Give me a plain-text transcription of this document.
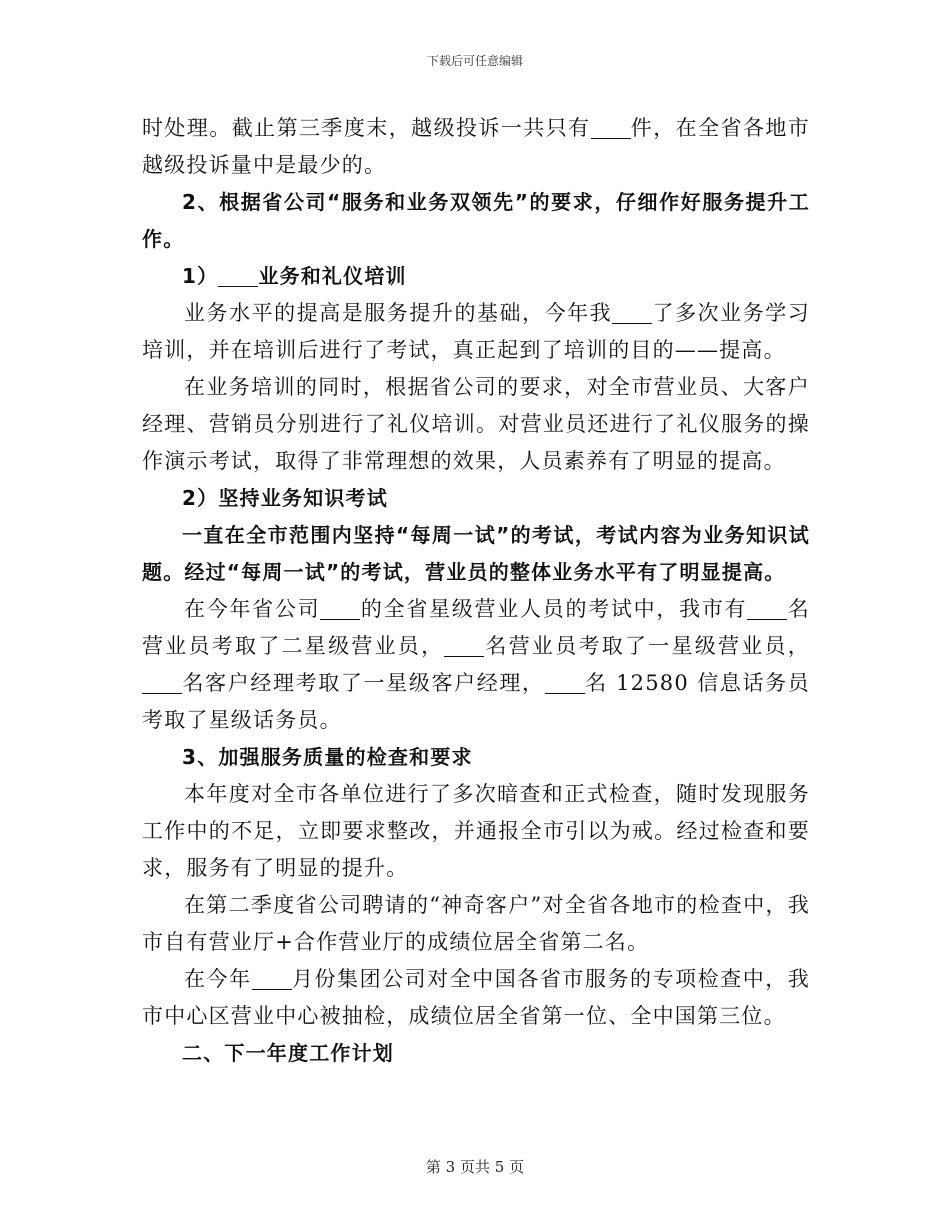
下载后可任意编辑

时处理。截止第三季度末，越级投诉一共只有 件，在全省各地市越级投诉量中是最少的。

2、根据省公司“服务和业务双领先”的要求，仔细作好服务提升工作。

1） 业务和礼仪培训

业务水平的提高是服务提升的基础，今年我 了多次业务学习培训，并在培训后进行了考试，真正起到了培训的目的——提高。

在业务培训的同时，根据省公司的要求，对全市营业员、大客户经理、营销员分别进行了礼仪培训。对营业员还进行了礼仪服务的操作演示考试，取得了非常理想的效果，人员素养有了明显的提高。

2）坚持业务知识考试

一直在全市范围内坚持“每周一试”的考试，考试内容为业务知识试题。经过“每周一试”的考试，营业员的整体业务水平有了明显提高。

在今年省公司 的全省星级营业人员的考试中，我市有 名营业员考取了二星级营业员， 名营业员考取了一星级营业员，名客户经理考取了一星级客户经理， 名 12580 信息话务员考取了星级话务员。

3、加强服务质量的检查和要求

本年度对全市各单位进行了多次暗查和正式检查，随时发现服务工作中的不足，立即要求整改，并通报全市引以为戒。经过检查和要求，服务有了明显的提升。

在第二季度省公司聘请的“神奇客户”对全省各地市的检查中，我市自有营业厅+合作营业厅的成绩位居全省第二名。

在今年 月份集团公司对全中国各省市服务的专项检查中，我市中心区营业中心被抽检，成绩位居全省第一位、全中国第三位。

二、下一年度工作计划

第 3 页共 5 页
